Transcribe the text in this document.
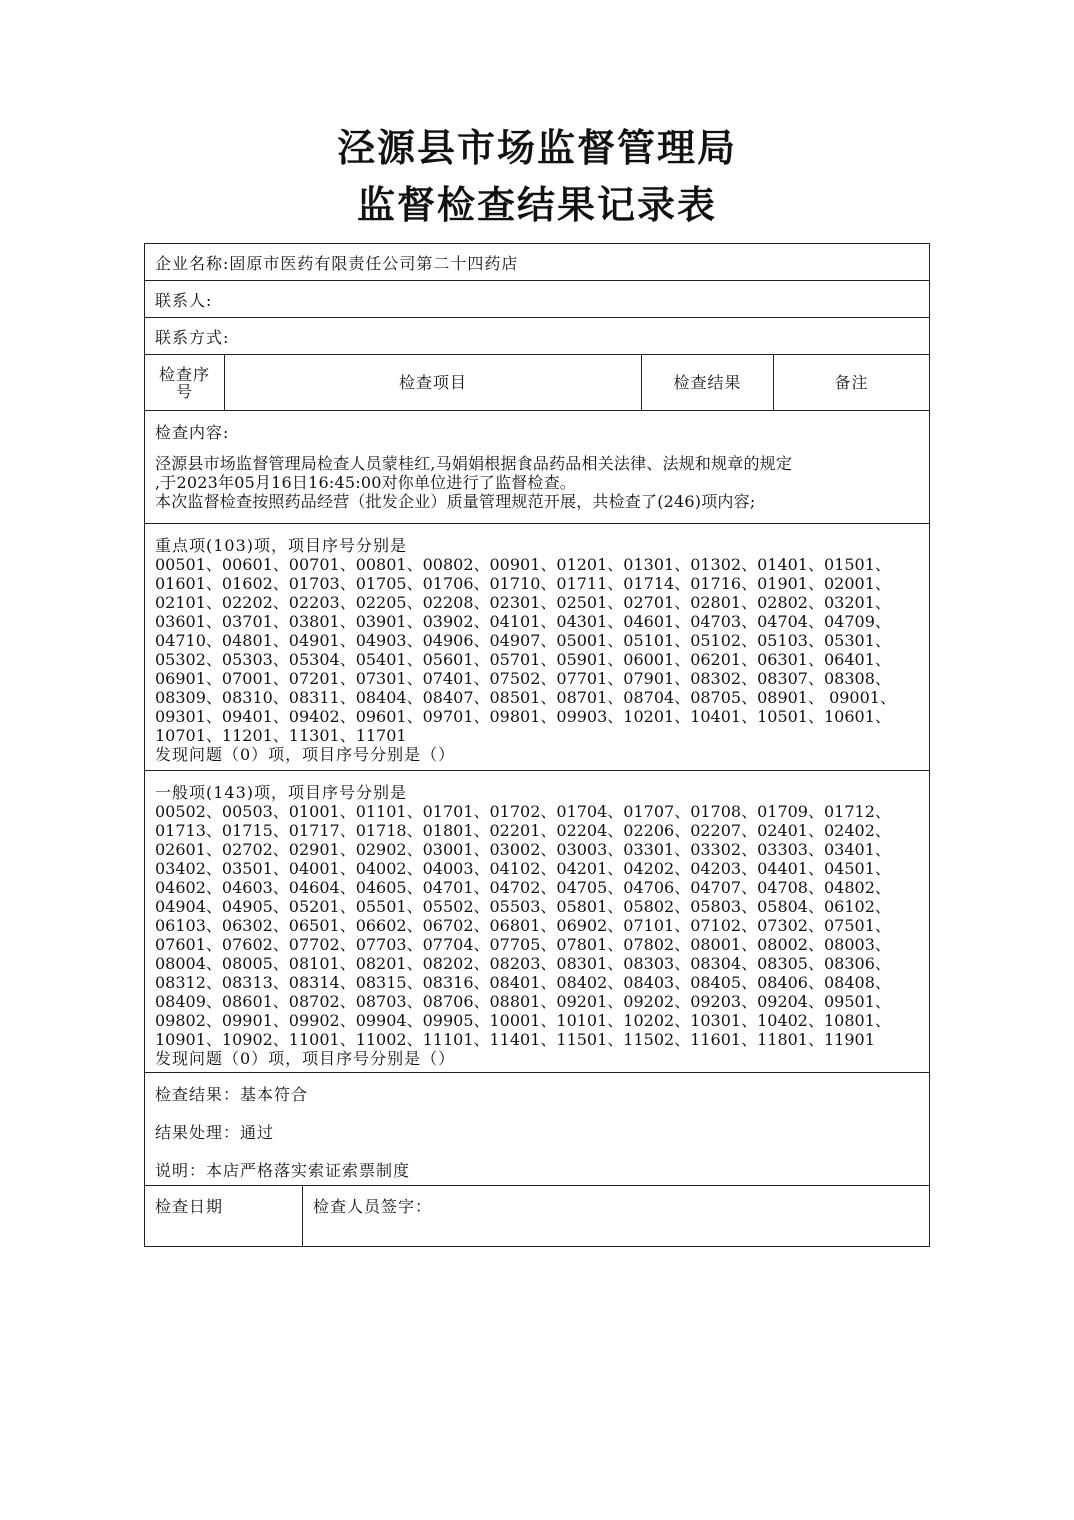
泾源县市场监督管理局
监督检查结果记录表
企业名称:固原市医药有限责任公司第二十四药店
联系人:
联系方式:
检查序号	检查项目	检查结果	备注
检查内容:
泾源县市场监督管理局检查人员蒙桂红,马娟娟根据食品药品相关法律、法规和规章的规定
,于2023年05月16日16:45:00对你单位进行了监督检查。
本次监督检查按照药品经营（批发企业）质量管理规范开展，共检查了(246)项内容;
重点项(103)项，项目序号分别是
00501、00601、00701、00801、00802、00901、01201、01301、01302、01401、01501、
01601、01602、01703、01705、01706、01710、01711、01714、01716、01901、02001、
02101、02202、02203、02205、02208、02301、02501、02701、02801、02802、03201、
03601、03701、03801、03901、03902、04101、04301、04601、04703、04704、04709、
04710、04801、04901、04903、04906、04907、05001、05101、05102、05103、05301、
05302、05303、05304、05401、05601、05701、05901、06001、06201、06301、06401、
06901、07001、07201、07301、07401、07502、07701、07901、08302、08307、08308、
08309、08310、08311、08404、08407、08501、08701、08704、08705、08901、 09001、
09301、09401、09402、09601、09701、09801、09903、10201、10401、10501、10601、
10701、11201、11301、11701
发现问题（0）项，项目序号分别是（）
一般项(143)项，项目序号分别是
00502、00503、01001、01101、01701、01702、01704、01707、01708、01709、01712、
01713、01715、01717、01718、01801、02201、02204、02206、02207、02401、02402、
02601、02702、02901、02902、03001、03002、03003、03301、03302、03303、03401、
03402、03501、04001、04002、04003、04102、04201、04202、04203、04401、04501、
04602、04603、04604、04605、04701、04702、04705、04706、04707、04708、04802、
04904、04905、05201、05501、05502、05503、05801、05802、05803、05804、06102、
06103、06302、06501、06602、06702、06801、06902、07101、07102、07302、07501、
07601、07602、07702、07703、07704、07705、07801、07802、08001、08002、08003、
08004、08005、08101、08201、08202、08203、08301、08303、08304、08305、08306、
08312、08313、08314、08315、08316、08401、08402、08403、08405、08406、08408、
08409、08601、08702、08703、08706、08801、09201、09202、09203、09204、09501、
09802、09901、09902、09904、09905、10001、10101、10202、10301、10402、10801、
10901、10902、11001、11002、11101、11401、11501、11502、11601、11801、11901
发现问题（0）项，项目序号分别是（）
检查结果：基本符合
结果处理：通过
说明：本店严格落实索证索票制度
检查日期	检查人员签字：
